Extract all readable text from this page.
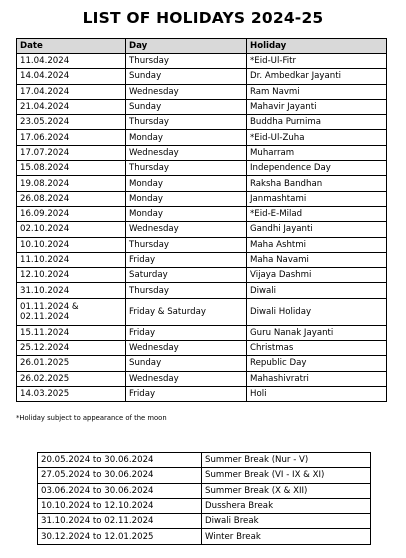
LIST OF HOLIDAYS 2024-25
Date	Day	Holiday
11.04.2024	Thursday	*Eid-Ul-Fitr
14.04.2024	Sunday	Dr. Ambedkar Jayanti
17.04.2024	Wednesday	Ram Navmi
21.04.2024	Sunday	Mahavir Jayanti
23.05.2024	Thursday	Buddha Purnima
17.06.2024	Monday	*Eid-Ul-Zuha
17.07.2024	Wednesday	Muharram
15.08.2024	Thursday	Independence Day
19.08.2024	Monday	Raksha Bandhan
26.08.2024	Monday	Janmashtami
16.09.2024	Monday	*Eid-E-Milad
02.10.2024	Wednesday	Gandhi Jayanti
10.10.2024	Thursday	Maha Ashtmi
11.10.2024	Friday	Maha Navami
12.10.2024	Saturday	Vijaya Dashmi
31.10.2024	Thursday	Diwali
01.11.2024 & 02.11.2024	Friday & Saturday	Diwali Holiday
15.11.2024	Friday	Guru Nanak Jayanti
25.12.2024	Wednesday	Christmas
26.01.2025	Sunday	Republic Day
26.02.2025	Wednesday	Mahashivratri
14.03.2025	Friday	Holi
*Holiday subject to appearance of the moon
20.05.2024 to 30.06.2024	Summer Break (Nur - V)
27.05.2024 to 30.06.2024	Summer Break (VI - IX & XI)
03.06.2024 to 30.06.2024	Summer Break (X & XII)
10.10.2024 to 12.10.2024	Dusshera Break
31.10.2024 to 02.11.2024	Diwali Break
30.12.2024 to 12.01.2025	Winter Break
